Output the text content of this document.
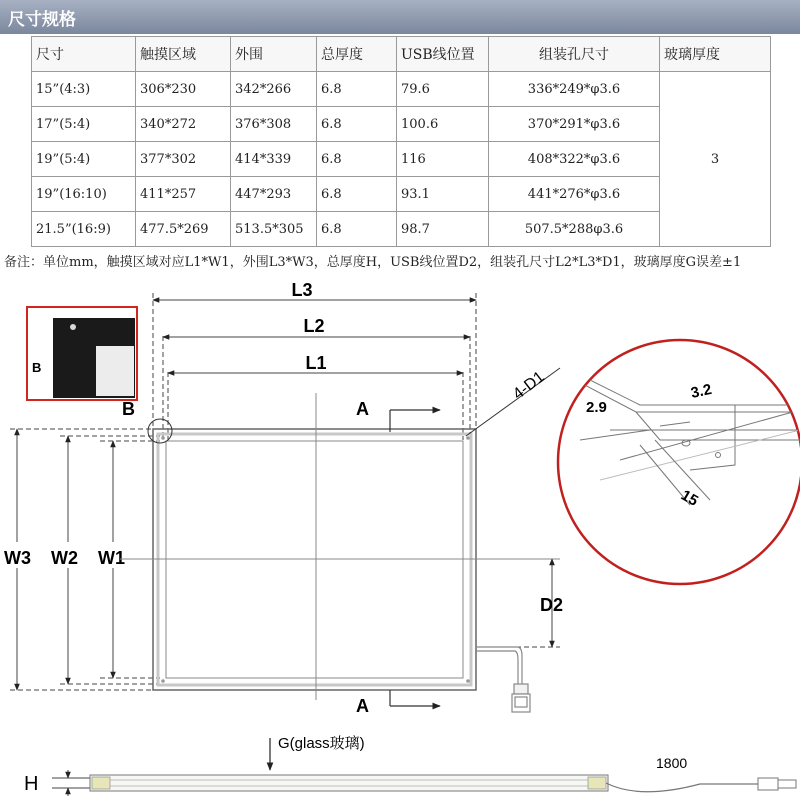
尺寸规格
尺寸	触摸区域	外围	总厚度	USB线位置	组装孔尺寸	玻璃厚度
15”(4:3)	306*230	342*266	6.8	79.6	336*249*φ3.6	3
17”(5:4)	340*272	376*308	6.8	100.6	370*291*φ3.6	
19”(5:4)	377*302	414*339	6.8	116	408*322*φ3.6	
19”(16:10)	411*257	447*293	6.8	93.1	441*276*φ3.6	
21.5”(16:9)	477.5*269	513.5*305	6.8	98.7	507.5*288φ3.6	
备注：单位mm，触摸区域对应L1*W1，外围L3*W3，总厚度H，USB线位置D2，组装孔尺寸L2*L3*D1，玻璃厚度G误差±1
B
L3
L2
L1
W3 W2 W1
B	A
A
4-D1
D2
2.9
3.2
15
G(glass玻璃)
H
1800
